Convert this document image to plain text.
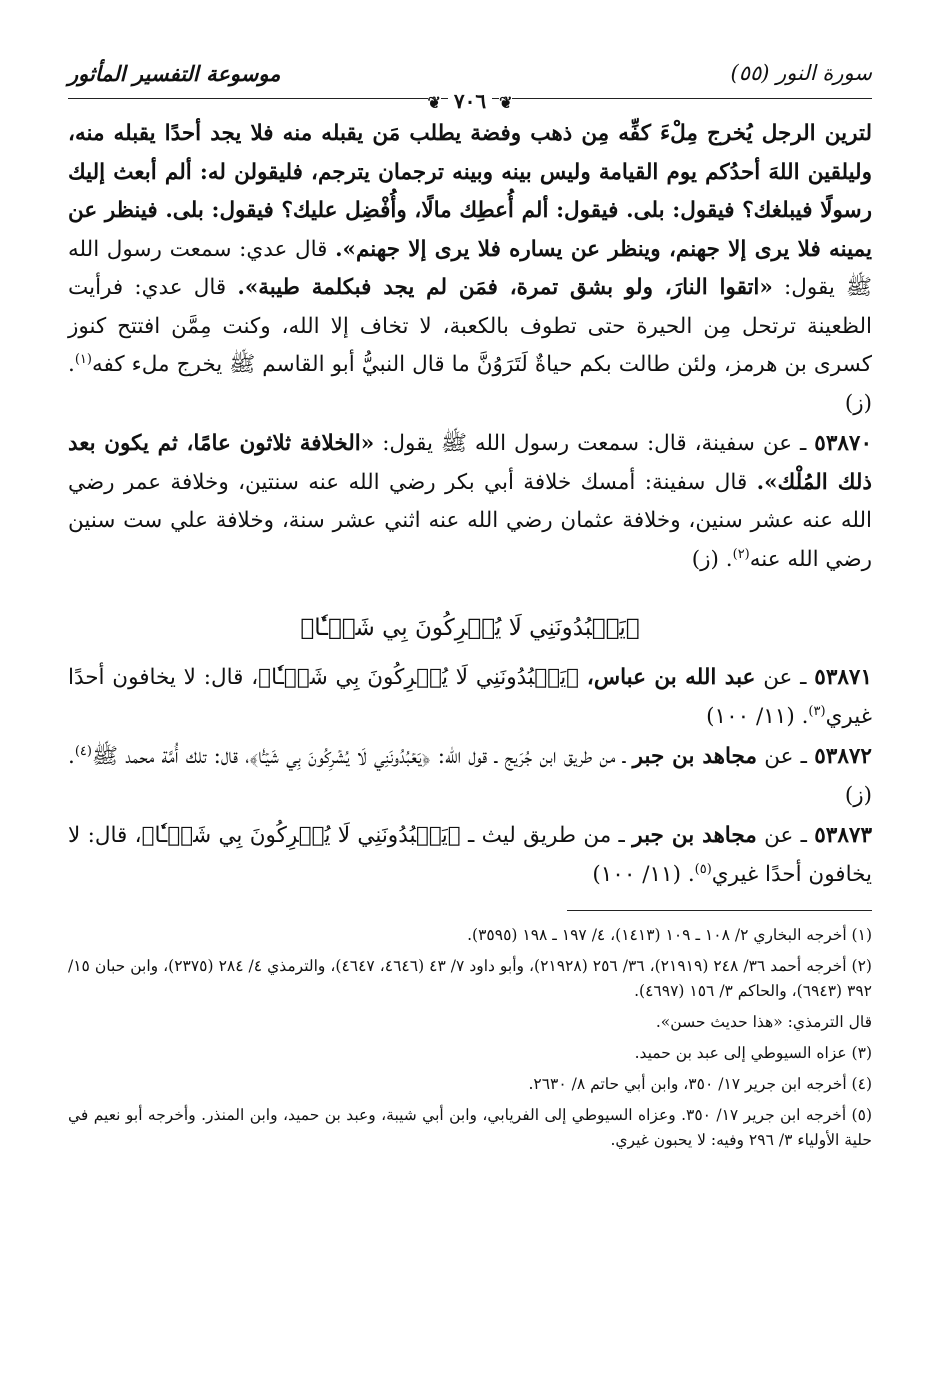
سورة النور (٥٥)
موسوعة التفسير المأثور
❦ ٧٠٦ ❦

لترين الرجل يُخرج مِلْءَ كفِّه مِن ذهب وفضة يطلب مَن يقبله منه فلا يجد أحدًا يقبله منه، وليلقين اللهَ أحدُكم يوم القيامة وليس بينه وبينه ترجمان يترجم، فليقولن له: ألم أبعث إليك رسولًا فيبلغك؟ فيقول: بلى. فيقول: ألم أُعطِك مالًا، وأُفْضِل عليك؟ فيقول: بلى. فينظر عن يمينه فلا يرى إلا جهنم، وينظر عن يساره فلا يرى إلا جهنم». قال عدي: سمعت رسول الله ﷺ يقول: «اتقوا النارَ، ولو بشق تمرة، فمَن لم يجد فبكلمة طيبة». قال عدي: فرأيت الظعينة ترتحل مِن الحيرة حتى تطوف بالكعبة، لا تخاف إلا الله، وكنت مِمَّن افتتح كنوز كسرى بن هرمز، ولئن طالت بكم حياةٌ لَتَرَوُنَّ ما قال النبيُّ أبو القاسم ﷺ يخرج ملء كفه$^{(١)}$. (ز)

٥٣٨٧٠ ـ عن سفينة، قال: سمعت رسول الله ﷺ يقول: «الخلافة ثلاثون عامًا، ثم يكون بعد ذلك المُلْك». قال سفينة: أمسك خلافة أبي بكر رضي الله عنه سنتين، وخلافة عمر رضي الله عنه عشر سنين، وخلافة عثمان رضي الله عنه اثني عشر سنة، وخلافة علي ست سنين رضي الله عنه$^{(٢)}$. (ز)

﴿يَعۡبُدُونَنِي لَا يُشۡرِكُونَ بِي شَيۡـٔٗا﴾

٥٣٨٧١ ـ عن عبد الله بن عباس، ﴿يَعۡبُدُونَنِي لَا يُشۡرِكُونَ بِي شَيۡـٔٗا﴾، قال: لا يخافون أحدًا غيري$^{(٣)}$. (١١/ ١٠٠)

٥٣٨٧٢ ـ عن مجاهد بن جبر ـ من طريق ابن جُرَيج ـ قول الله: ﴿يَعۡبُدُونَنِي لَا يُشۡرِكُونَ بِي شَيۡـٔٗا﴾، قال: تلك أُمَّة محمد ﷺ$^{(٤)}$. (ز)

٥٣٨٧٣ ـ عن مجاهد بن جبر ـ من طريق ليث ـ ﴿يَعۡبُدُونَنِي لَا يُشۡرِكُونَ بِي شَيۡـٔٗا﴾، قال: لا يخافون أحدًا غيري$^{(٥)}$. (١١/ ١٠٠)

(١) أخرجه البخاري ٢/ ١٠٨ ـ ١٠٩ (١٤١٣)، ٤/ ١٩٧ ـ ١٩٨ (٣٥٩٥).

(٢) أخرجه أحمد ٣٦/ ٢٤٨ (٢١٩١٩)، ٣٦/ ٢٥٦ (٢١٩٢٨)، وأبو داود ٧/ ٤٣ (٤٦٤٦، ٤٦٤٧)، والترمذي ٤/ ٢٨٤ (٢٣٧٥)، وابن حبان ١٥/ ٣٩٢ (٦٩٤٣)، والحاكم ٣/ ١٥٦ (٤٦٩٧).

قال الترمذي: «هذا حديث حسن».

(٣) عزاه السيوطي إلى عبد بن حميد.

(٤) أخرجه ابن جرير ١٧/ ٣٥٠، وابن أبي حاتم ٨/ ٢٦٣٠.

(٥) أخرجه ابن جرير ١٧/ ٣٥٠. وعزاه السيوطي إلى الفريابي، وابن أبي شيبة، وعبد بن حميد، وابن المنذر. وأخرجه أبو نعيم في حلية الأولياء ٣/ ٢٩٦ وفيه: لا يحبون غيري.
